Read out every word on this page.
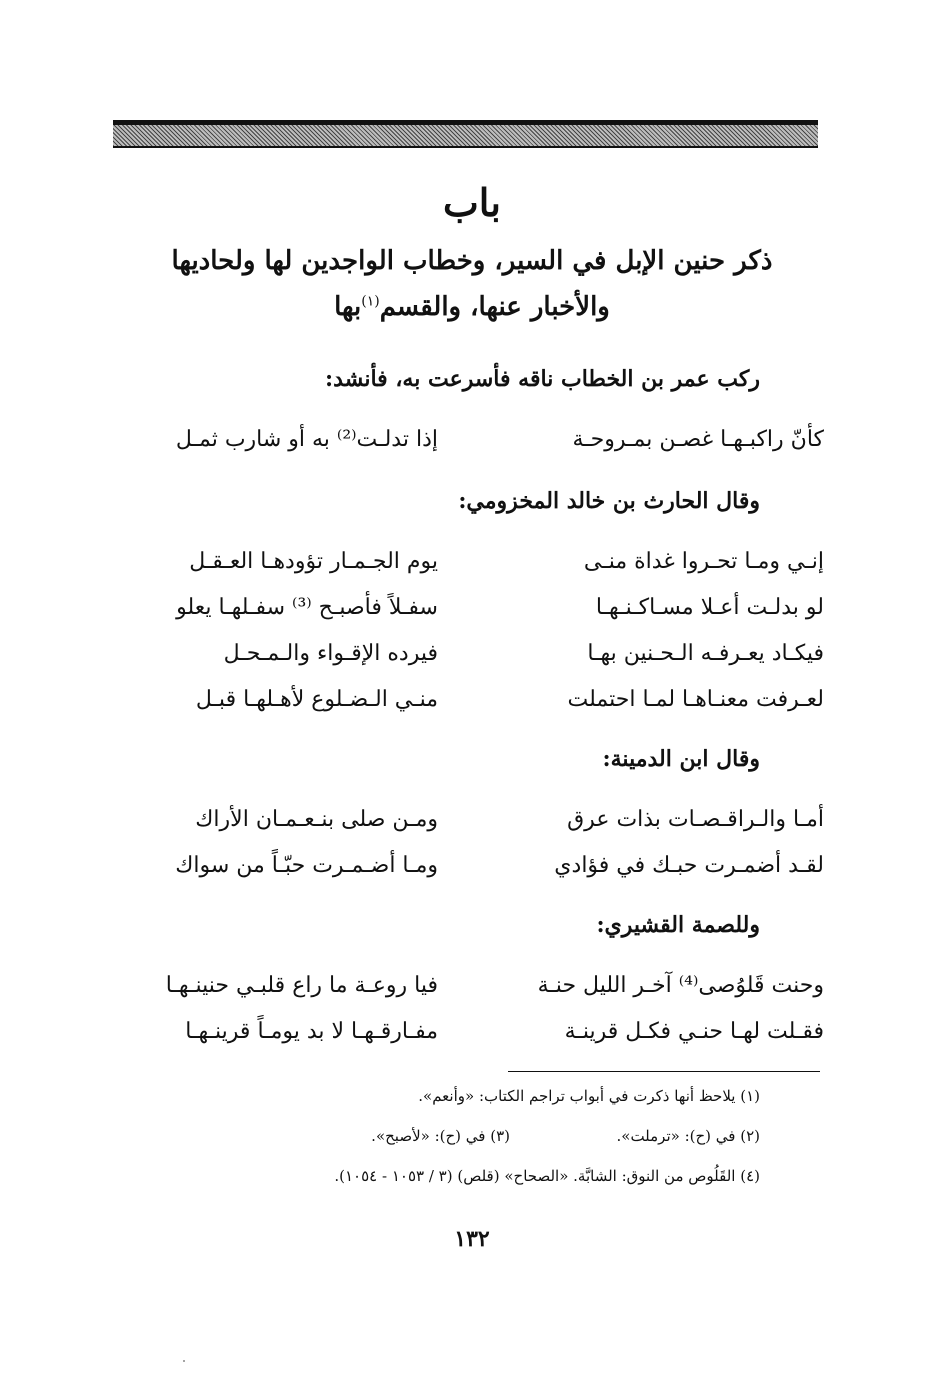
باب
ذكر حنين الإبل في السير، وخطاب الواجدين لها ولحاديها
والأخبار عنها، والقسم$^{(١)}$بها
ركب عمر بن الخطاب ناقه فأسرعت به، فأنشد:
كأنّ راكبـهـا غصـن بمـروحـة
إذا تدلـت⁽²⁾ به أو شارب ثمـل
وقال الحارث بن خالد المخزومي:
إنـي ومـا تحـروا غداة منـى
يوم الجـمـار تؤودهـا العـقـل
لو بدلـت أعـلا مسـاكـنـهـا
سفـلاً فأصبـح ⁽³⁾ سفـلهـا يعلو
فيكـاد يعـرفـه الـحـنين بهـا
فيرده الإقـواء والـمـحـل
لعـرفت معنـاهـا لمـا احتملت
منـي الـضـلوع لأهـلهـا قبـل
وقال ابن الدمينة:
أمـا والـراقـصـات بذات عرق
ومـن صلى بنـعـمـان الأراك
لقـد أضمـرت حبـك في فؤادي
ومـا أضـمـرت حبّـاً من سواك
وللصمة القشيري:
وحنت قَلوُصى⁽⁴⁾ آخـر الليل حنـة
فيا روعـة ما راع قلبـي حنينـهـا
فقـلت لهـا حنـي فكـل قرينـة
مفـارقـهـا لا بد يومـاً قرينـهـا
(١) يلاحظ أنها ذكرت في أبواب تراجم الكتاب: «وأنعم».
(٢) في (ح): «ترملت».
(٣) في (ح): «لأصبح».
(٤) القَلُوص من النوق: الشابَّة. «الصحاح» (قلص) (٣ / ١٠٥٣ - ١٠٥٤).
١٣٢
